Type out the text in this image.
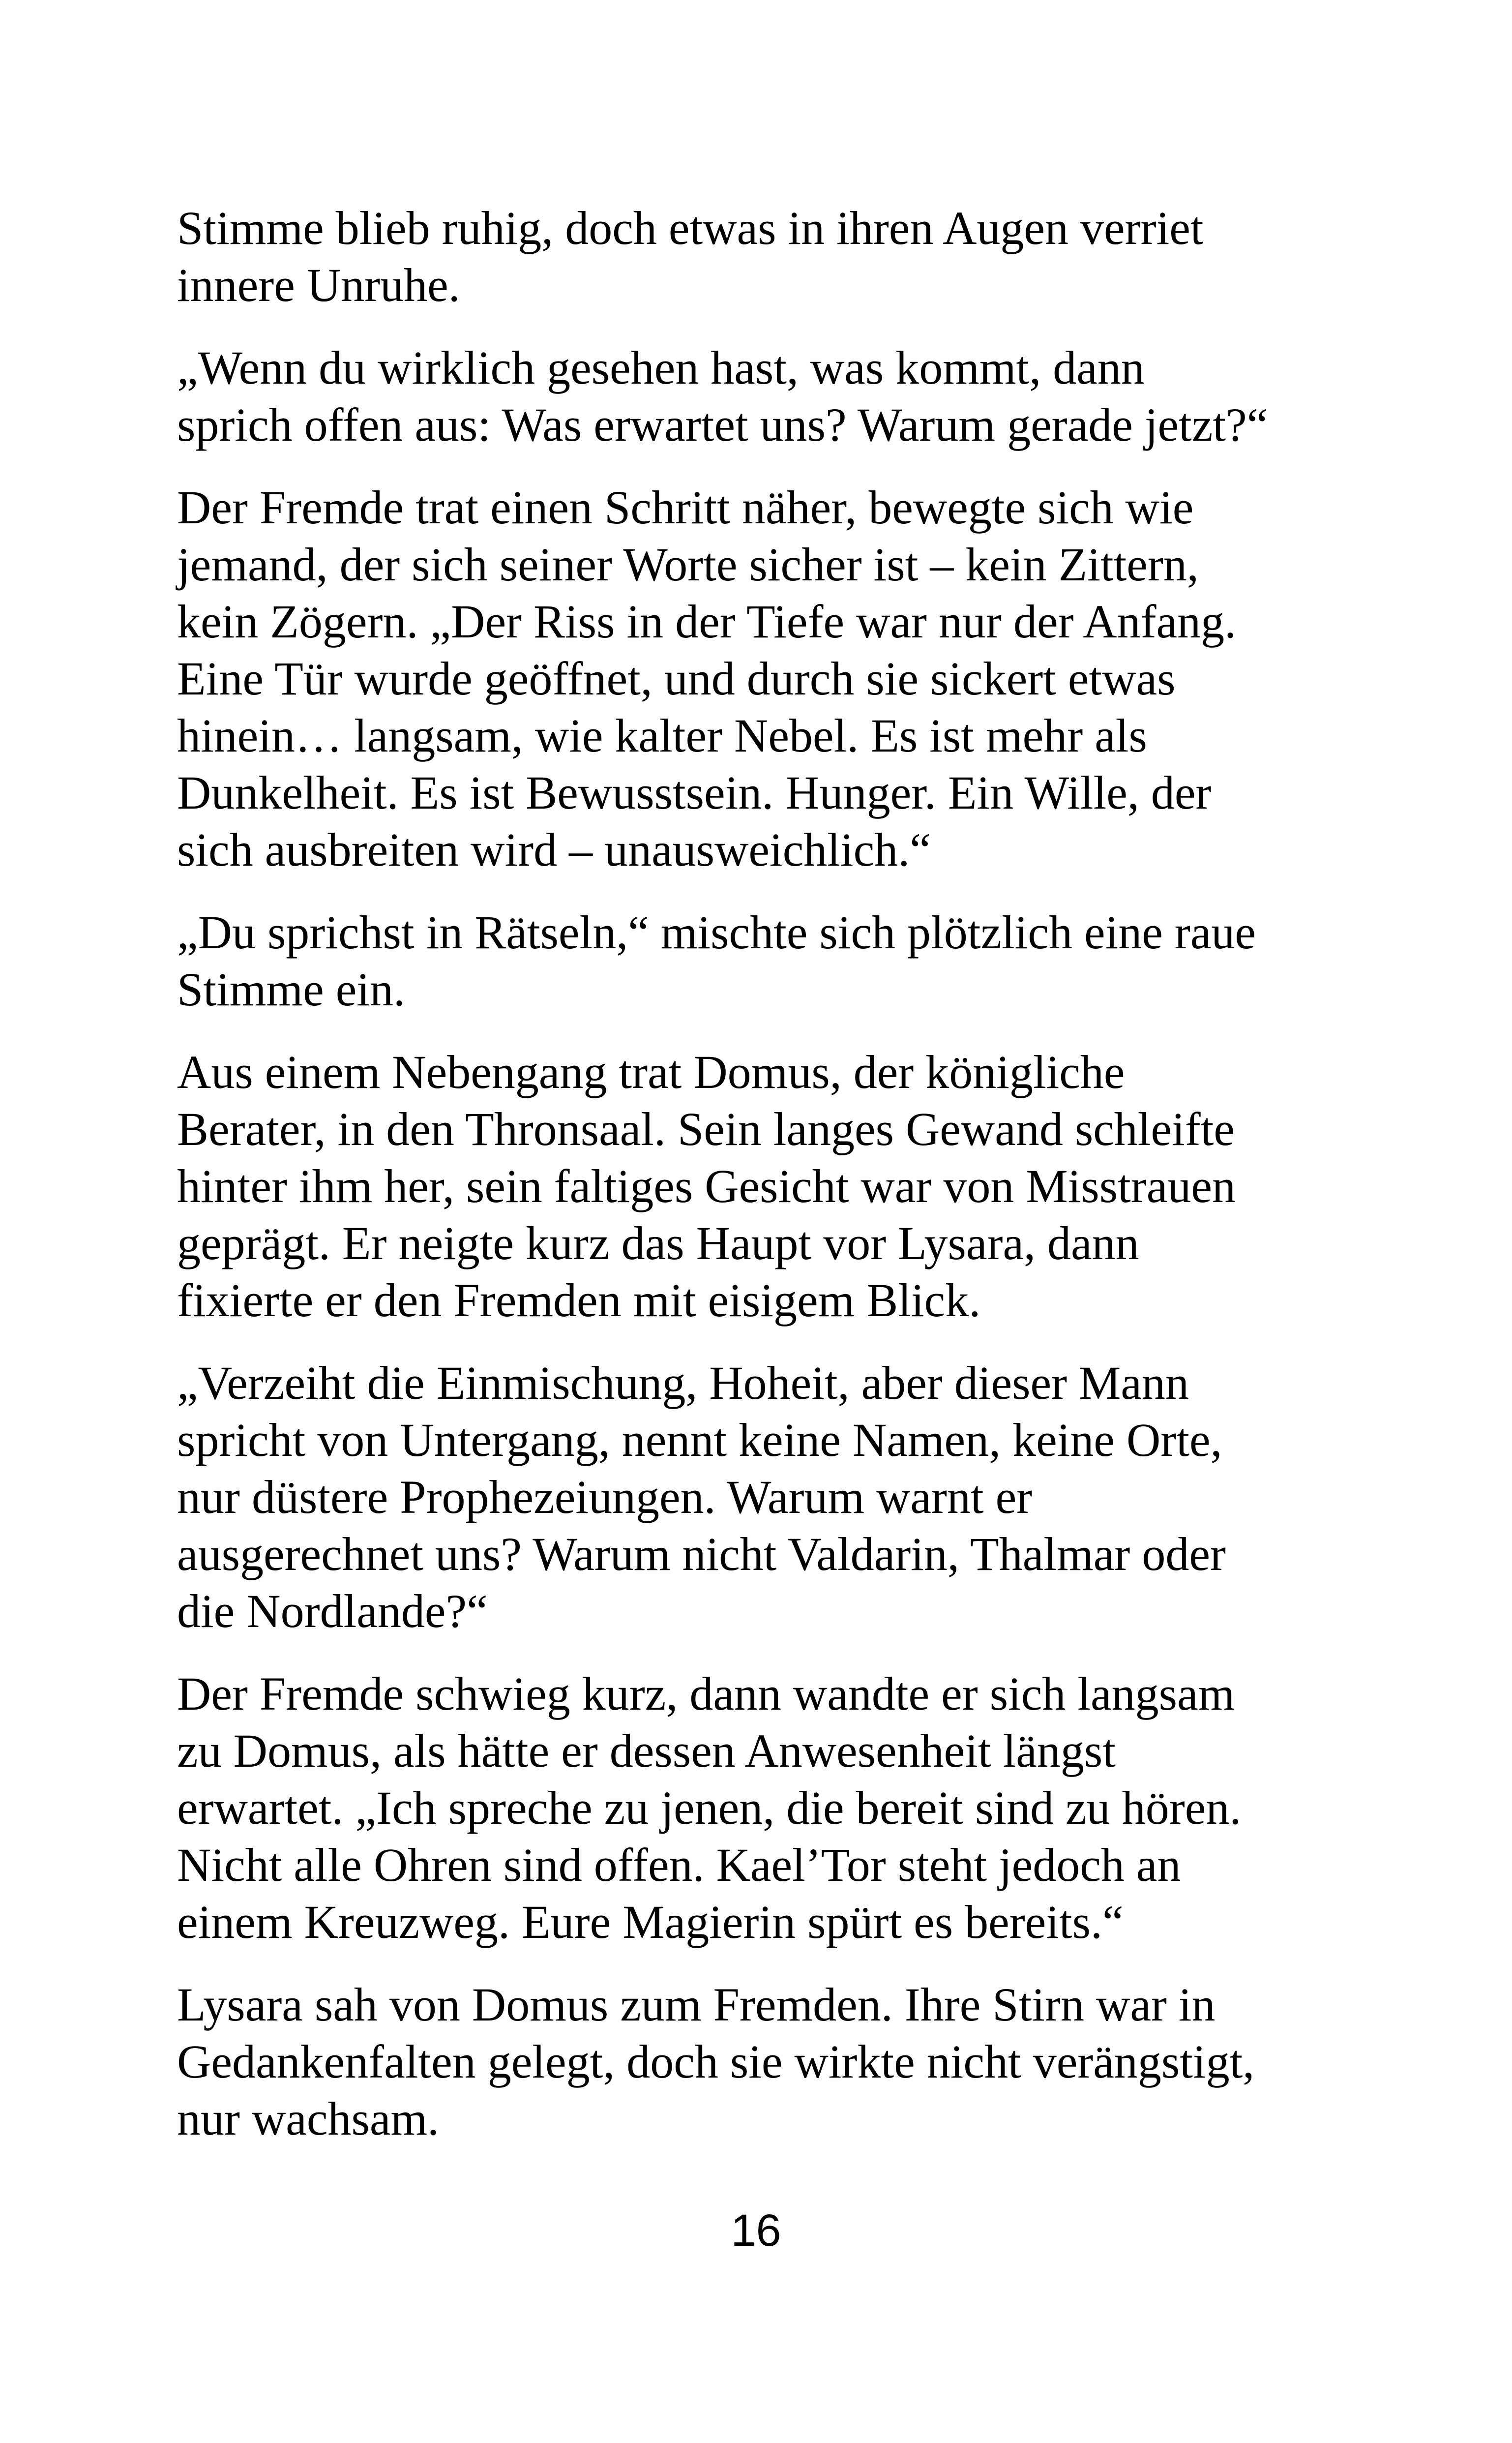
Stimme blieb ruhig, doch etwas in ihren Augen verriet
innere Unruhe.

„Wenn du wirklich gesehen hast, was kommt, dann
sprich offen aus: Was erwartet uns? Warum gerade jetzt?“

Der Fremde trat einen Schritt näher, bewegte sich wie
jemand, der sich seiner Worte sicher ist – kein Zittern,
kein Zögern. „Der Riss in der Tiefe war nur der Anfang.
Eine Tür wurde geöffnet, und durch sie sickert etwas
hinein… langsam, wie kalter Nebel. Es ist mehr als
Dunkelheit. Es ist Bewusstsein. Hunger. Ein Wille, der
sich ausbreiten wird – unausweichlich.“

„Du sprichst in Rätseln,“ mischte sich plötzlich eine raue
Stimme ein.

Aus einem Nebengang trat Domus, der königliche
Berater, in den Thronsaal. Sein langes Gewand schleifte
hinter ihm her, sein faltiges Gesicht war von Misstrauen
geprägt. Er neigte kurz das Haupt vor Lysara, dann
fixierte er den Fremden mit eisigem Blick.

„Verzeiht die Einmischung, Hoheit, aber dieser Mann
spricht von Untergang, nennt keine Namen, keine Orte,
nur düstere Prophezeiungen. Warum warnt er
ausgerechnet uns? Warum nicht Valdarin, Thalmar oder
die Nordlande?“

Der Fremde schwieg kurz, dann wandte er sich langsam
zu Domus, als hätte er dessen Anwesenheit längst
erwartet. „Ich spreche zu jenen, die bereit sind zu hören.
Nicht alle Ohren sind offen. Kael’Tor steht jedoch an
einem Kreuzweg. Eure Magierin spürt es bereits.“

Lysara sah von Domus zum Fremden. Ihre Stirn war in
Gedankenfalten gelegt, doch sie wirkte nicht verängstigt,
nur wachsam.

16
